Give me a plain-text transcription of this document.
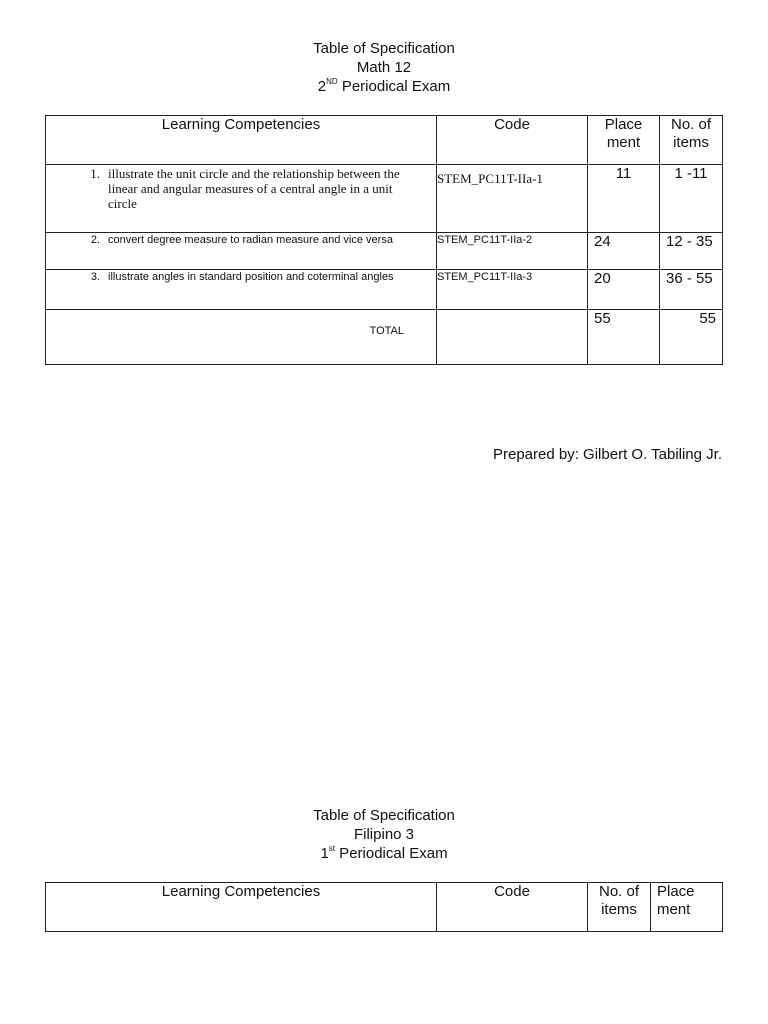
Table of Specification
Math 12
2ND Periodical Exam
Learning Competencies	Code	Place ment	No. of items

1. illustrate the unit circle and the relationship between the linear and angular measures of a central angle in a unit circle	STEM_PC11T-IIa-1	11	1 -11

2. convert degree measure to radian measure and vice versa	STEM_PC11T-IIa-2	24	12 - 35

3. illustrate angles in standard position and coterminal angles	STEM_PC11T-IIa-3	20	36 - 55
TOTAL		55	55
Prepared by: Gilbert O. Tabiling Jr.
Table of Specification
Filipino 3
1st Periodical Exam
Learning Competencies	Code	No. of items	Place ment
